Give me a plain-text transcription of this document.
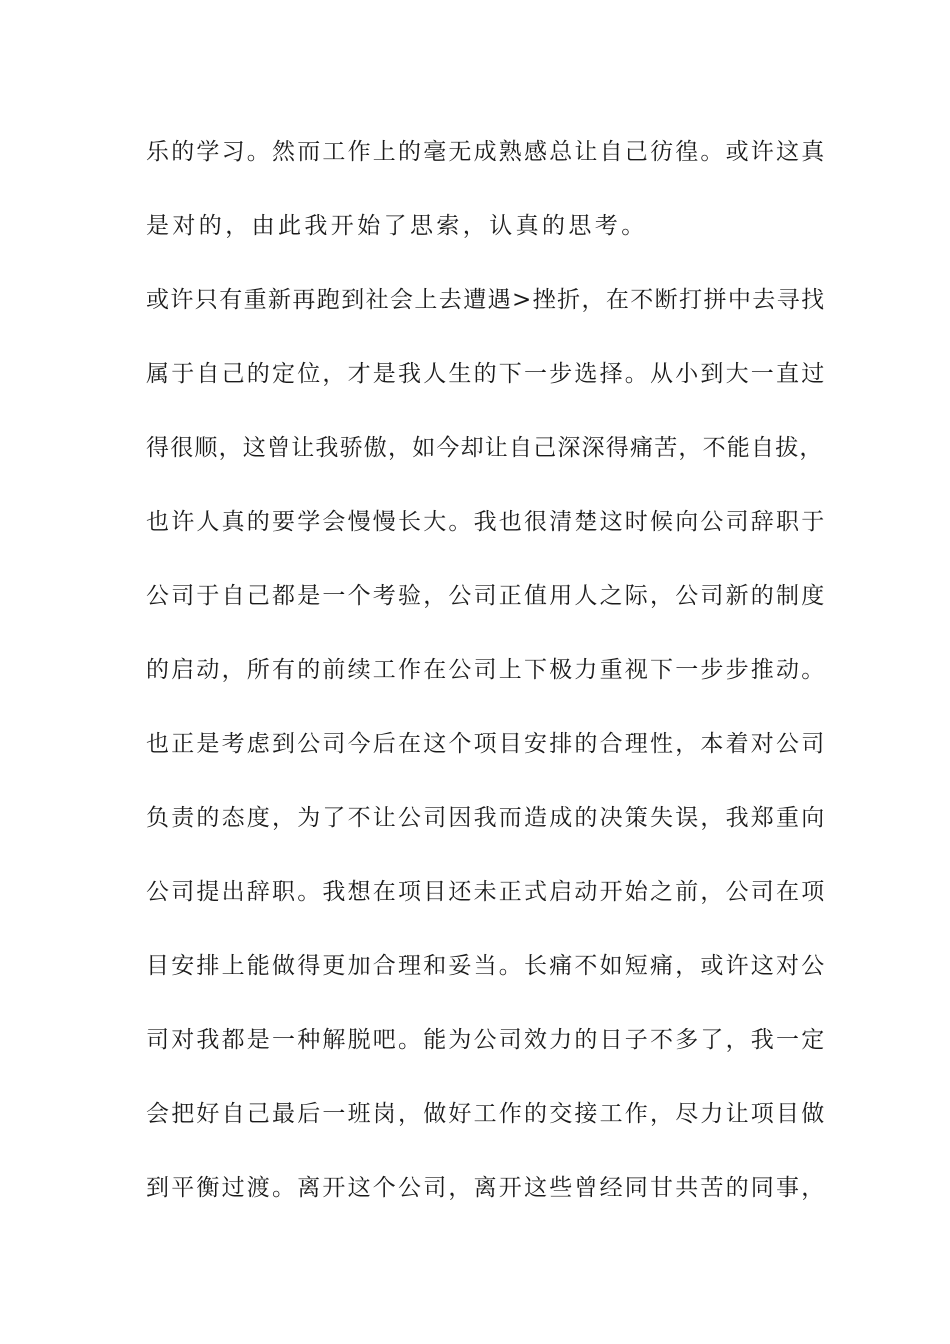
乐的学习。然而工作上的毫无成熟感总让自己彷徨。或许这真
是对的，由此我开始了思索，认真的思考。
或许只有重新再跑到社会上去遭遇>挫折，在不断打拼中去寻找
属于自己的定位，才是我人生的下一步选择。从小到大一直过
得很顺，这曾让我骄傲，如今却让自己深深得痛苦，不能自拔，
也许人真的要学会慢慢长大。我也很清楚这时候向公司辞职于
公司于自己都是一个考验，公司正值用人之际，公司新的制度
的启动，所有的前续工作在公司上下极力重视下一步步推动。
也正是考虑到公司今后在这个项目安排的合理性，本着对公司
负责的态度，为了不让公司因我而造成的决策失误，我郑重向
公司提出辞职。我想在项目还未正式启动开始之前，公司在项
目安排上能做得更加合理和妥当。长痛不如短痛，或许这对公
司对我都是一种解脱吧。能为公司效力的日子不多了，我一定
会把好自己最后一班岗，做好工作的交接工作，尽力让项目做
到平衡过渡。离开这个公司，离开这些曾经同甘共苦的同事，
